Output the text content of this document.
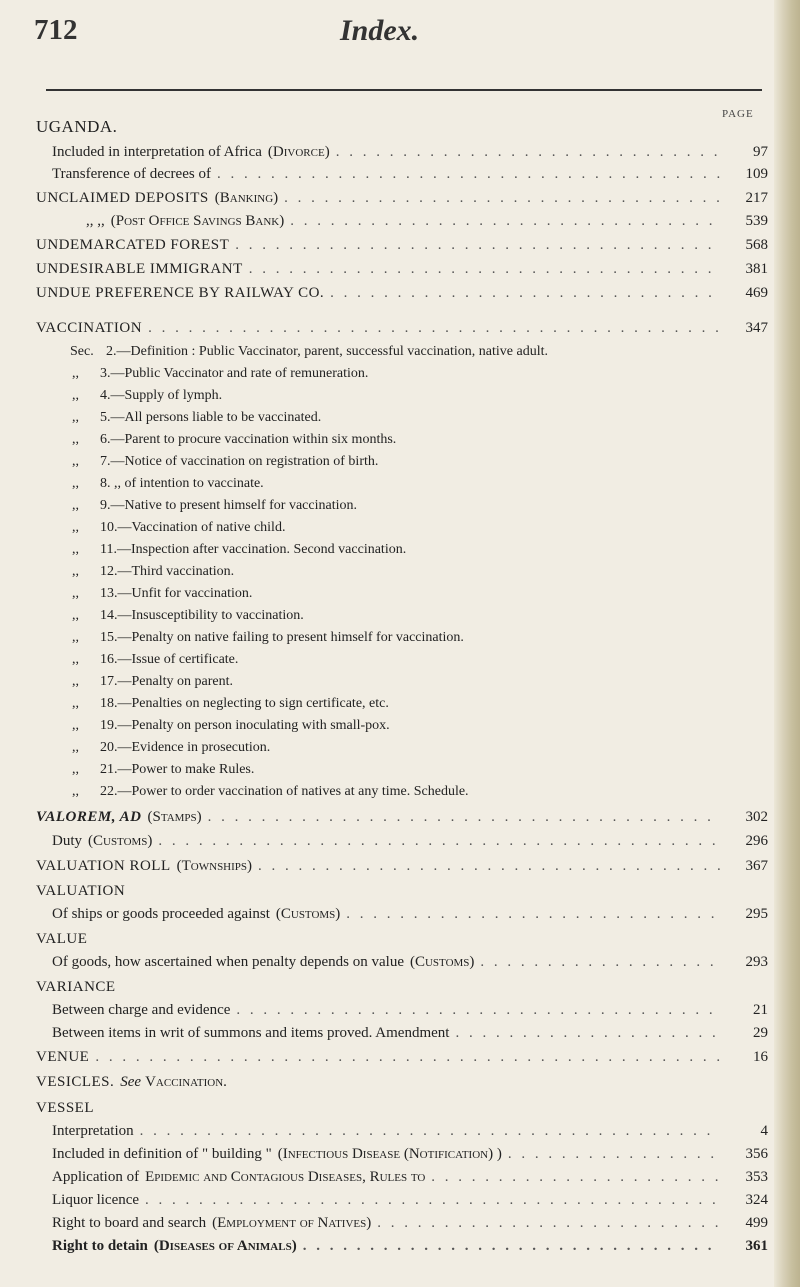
712	Index.
PAGE
UGANDA.
Included in interpretation of Africa (Divorce) . . .	97
Transference of decrees of . . .	109
UNCLAIMED DEPOSITS (Banking) . . .	217
,, ,, (Post Office Savings Bank) . . .	539
UNDEMARCATED FOREST . . .	568
UNDESIRABLE IMMIGRANT . . .	381
UNDUE PREFERENCE BY RAILWAY CO. . . .	469
VACCINATION . . .	347
Sec. 2.—Definition : Public Vaccinator, parent, successful vaccination, native adult.
,, 3.—Public Vaccinator and rate of remuneration.
,, 4.—Supply of lymph.
,, 5.—All persons liable to be vaccinated.
,, 6.—Parent to procure vaccination within six months.
,, 7.—Notice of vaccination on registration of birth.
,, 8. ,, of intention to vaccinate.
,, 9.—Native to present himself for vaccination.
,, 10.—Vaccination of native child.
,, 11.—Inspection after vaccination. Second vaccination.
,, 12.—Third vaccination.
,, 13.—Unfit for vaccination.
,, 14.—Insusceptibility to vaccination.
,, 15.—Penalty on native failing to present himself for vaccination.
,, 16.—Issue of certificate.
,, 17.—Penalty on parent.
,, 18.—Penalties on neglecting to sign certificate, etc.
,, 19.—Penalty on person inoculating with small-pox.
,, 20.—Evidence in prosecution.
,, 21.—Power to make Rules.
,, 22.—Power to order vaccination of natives at any time. Schedule.
VALOREM, AD (Stamps) . . .	302
Duty (Customs) . . .	296
VALUATION ROLL (Townships) . . .	367
VALUATION
Of ships or goods proceeded against (Customs) . . .	295
VALUE
Of goods, how ascertained when penalty depends on value (Customs) . . .	293
VARIANCE
Between charge and evidence . . .	21
Between items in writ of summons and items proved. Amendment . . .	29
VENUE . . .	16
VESICLES. See Vaccination.
VESSEL
Interpretation . . .	4
Included in definition of " building " (Infectious Disease (Notification) ) . . .	356
Application of Epidemic and Contagious Diseases, Rules to . . .	353
Liquor licence . . .	324
Right to board and search (Employment of Natives) . . .	499
Right to detain (Diseases of Animals) . . .	361
